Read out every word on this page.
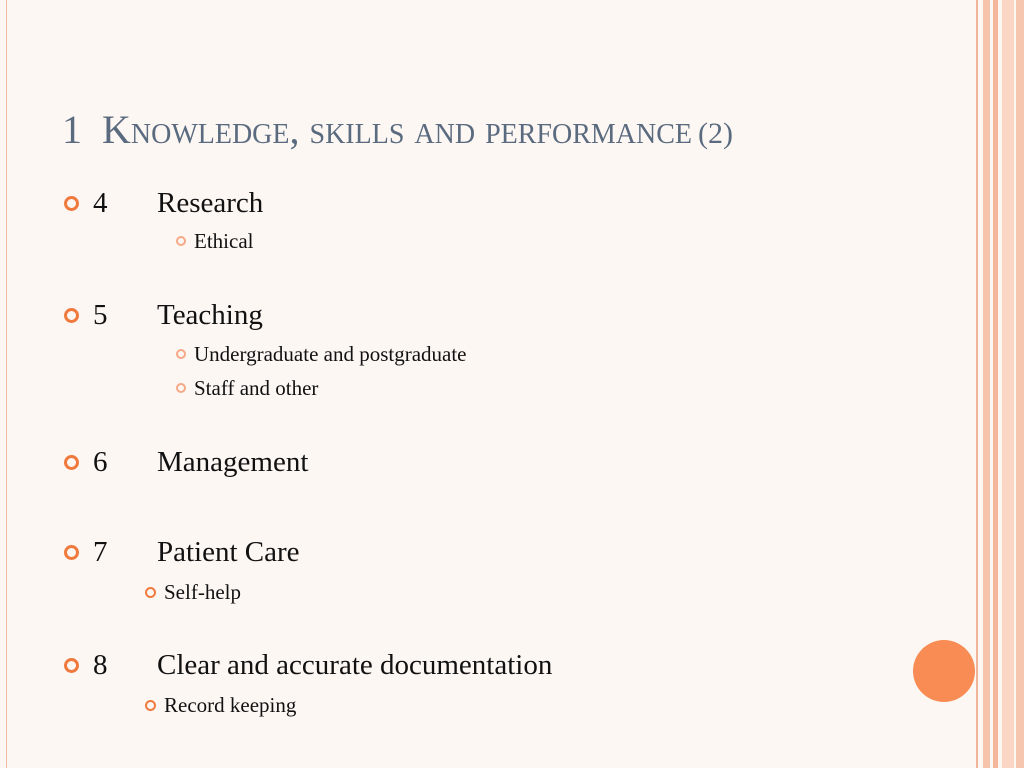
1 Knowledge, skills and performance (2)
4	Research
Ethical
5	Teaching
Undergraduate and postgraduate
Staff and other
6	Management
7	Patient Care
Self-help
8	Clear and accurate documentation
Record keeping
